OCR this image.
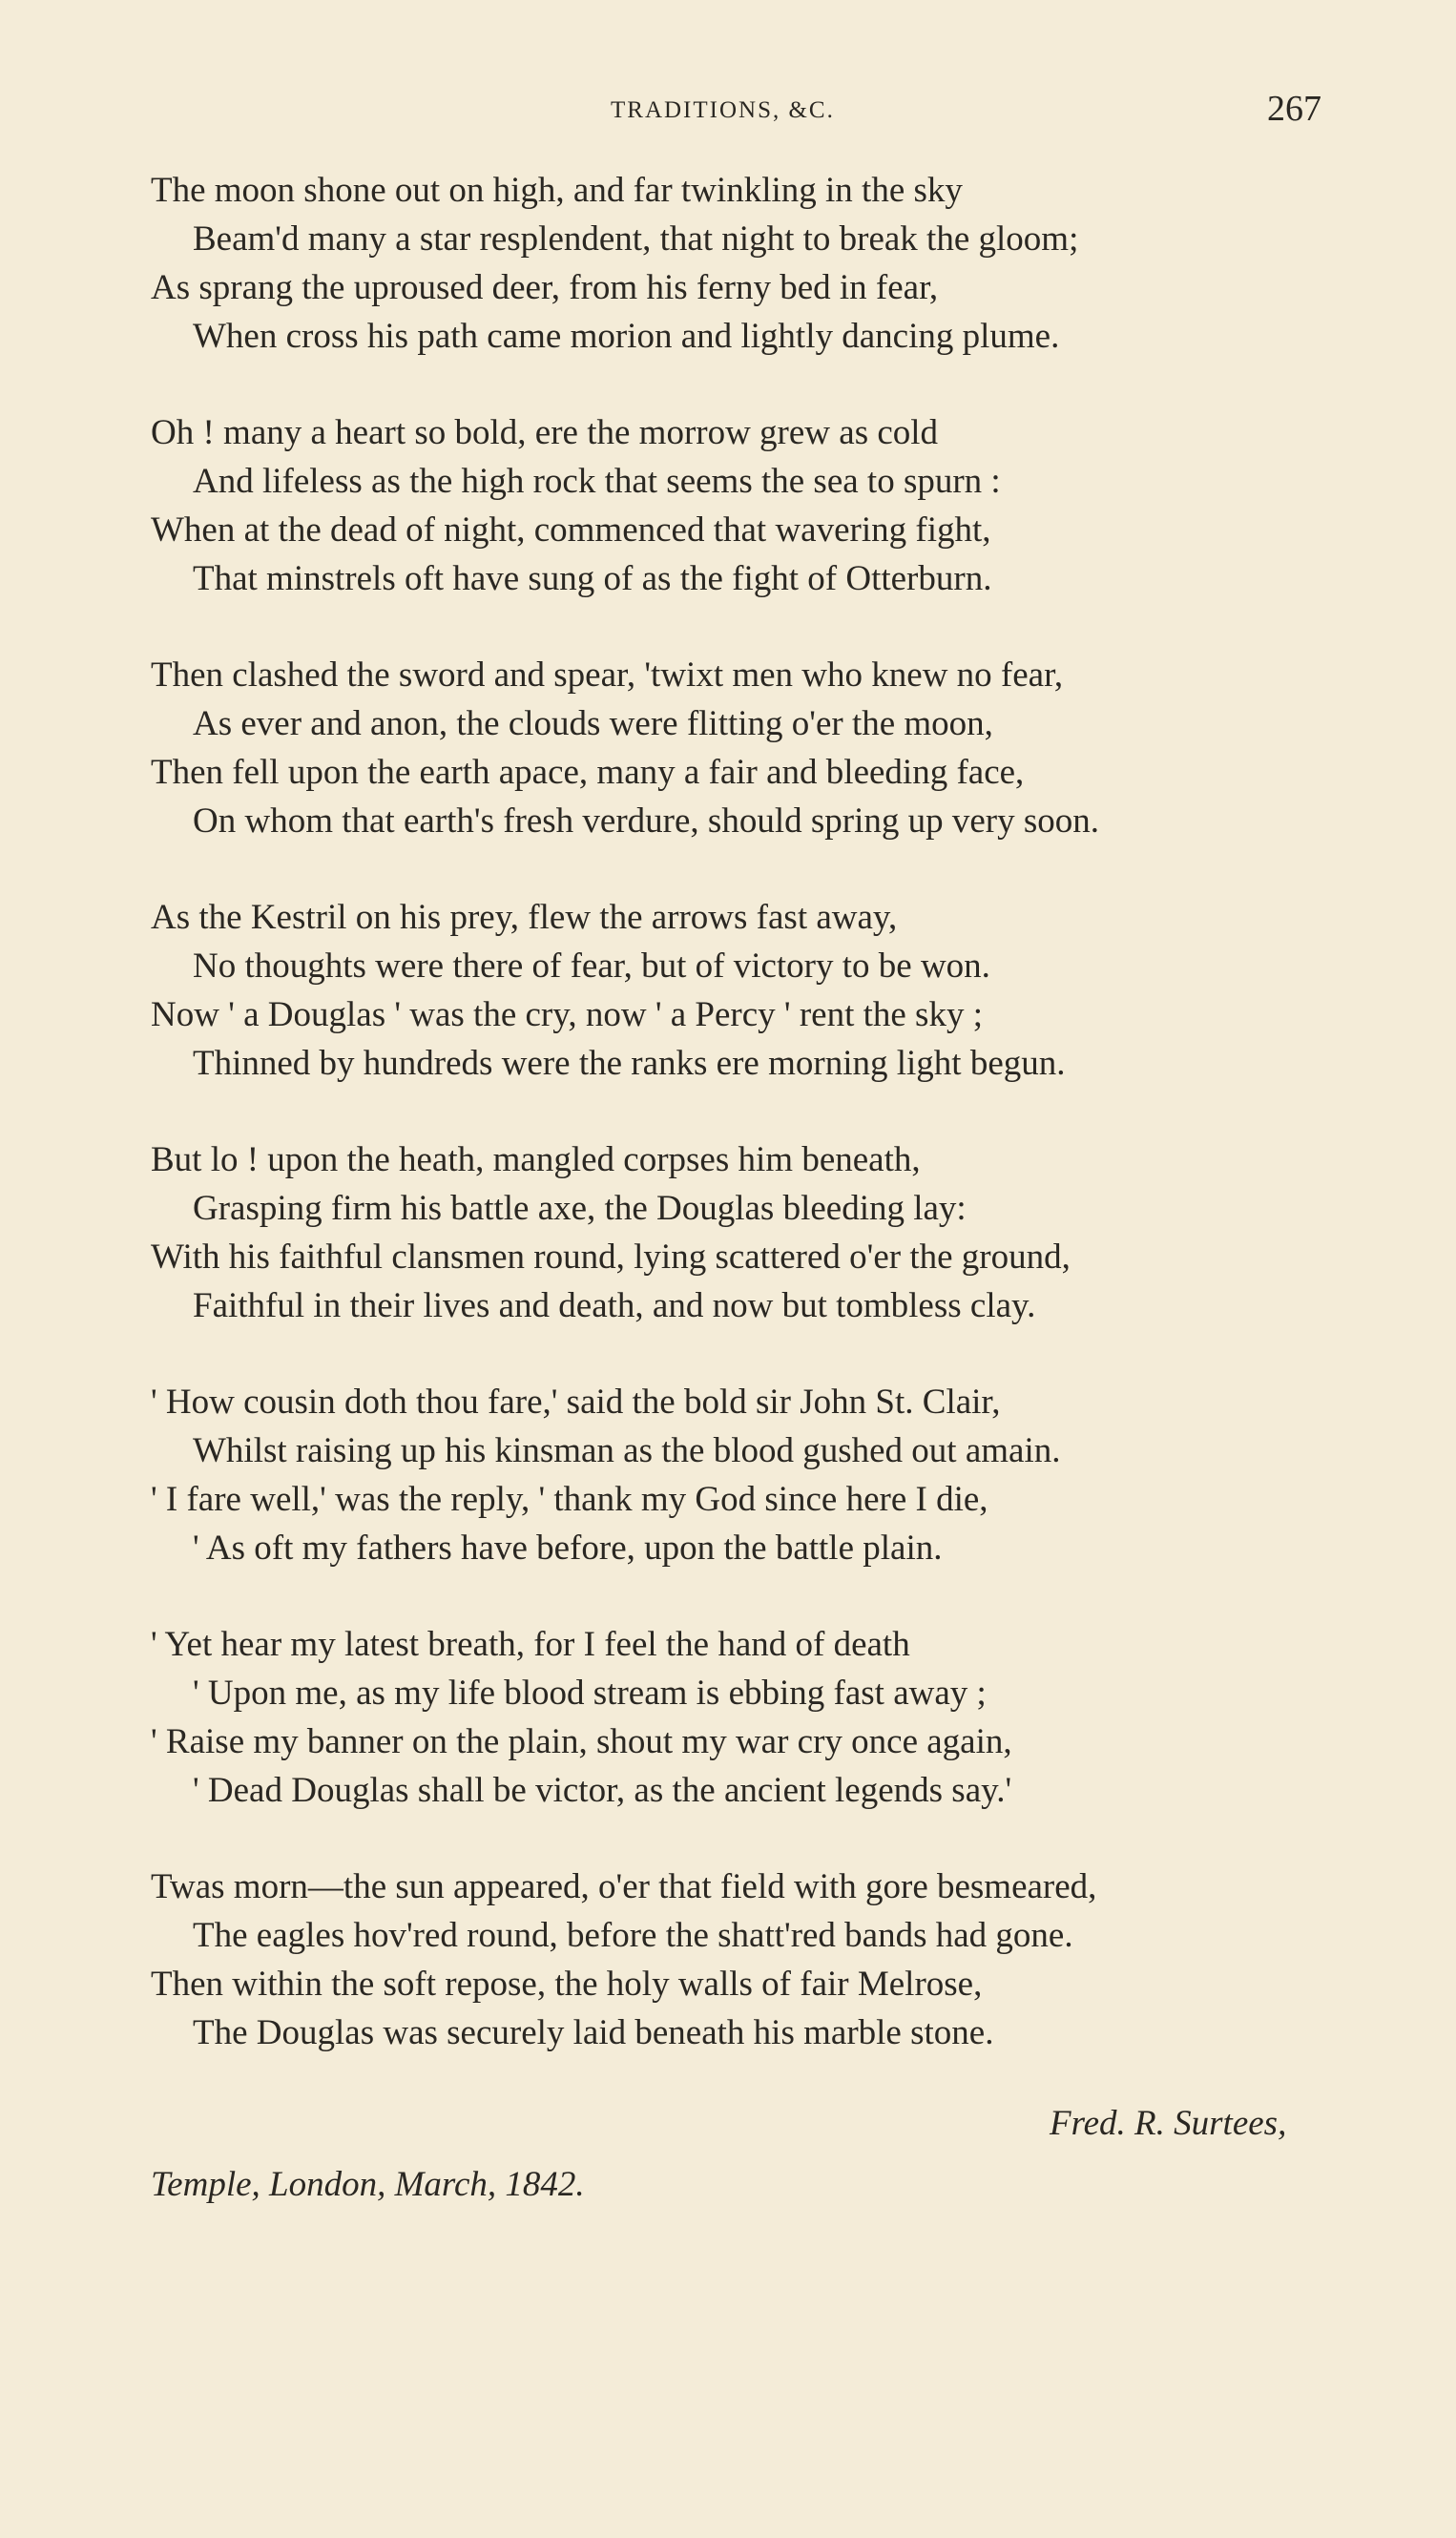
TRADITIONS, &C.	267
The moon shone out on high, and far twinkling in the sky
Beam'd many a star resplendent, that night to break the gloom;
As sprang the uproused deer, from his ferny bed in fear,
When cross his path came morion and lightly dancing plume.
Oh ! many a heart so bold, ere the morrow grew as cold
And lifeless as the high rock that seems the sea to spurn :
When at the dead of night, commenced that wavering fight,
That minstrels oft have sung of as the fight of Otterburn.
Then clashed the sword and spear, 'twixt men who knew no fear,
As ever and anon, the clouds were flitting o'er the moon,
Then fell upon the earth apace, many a fair and bleeding face,
On whom that earth's fresh verdure, should spring up very soon.
As the Kestril on his prey, flew the arrows fast away,
No thoughts were there of fear, but of victory to be won.
Now ' a Douglas ' was the cry, now ' a Percy ' rent the sky ;
Thinned by hundreds were the ranks ere morning light begun.
But lo ! upon the heath, mangled corpses him beneath,
Grasping firm his battle axe, the Douglas bleeding lay:
With his faithful clansmen round, lying scattered o'er the ground,
Faithful in their lives and death, and now but tombless clay.
' How cousin doth thou fare,' said the bold sir John St. Clair,
Whilst raising up his kinsman as the blood gushed out amain.
' I fare well,' was the reply, ' thank my God since here I die,
' As oft my fathers have before, upon the battle plain.
' Yet hear my latest breath, for I feel the hand of death
' Upon me, as my life blood stream is ebbing fast away ;
' Raise my banner on the plain, shout my war cry once again,
' Dead Douglas shall be victor, as the ancient legends say.'
Twas morn—the sun appeared, o'er that field with gore besmeared,
The eagles hov'red round, before the shatt'red bands had gone.
Then within the soft repose, the holy walls of fair Melrose,
The Douglas was securely laid beneath his marble stone.
Fred. R. Surtees,
Temple, London, March, 1842.
